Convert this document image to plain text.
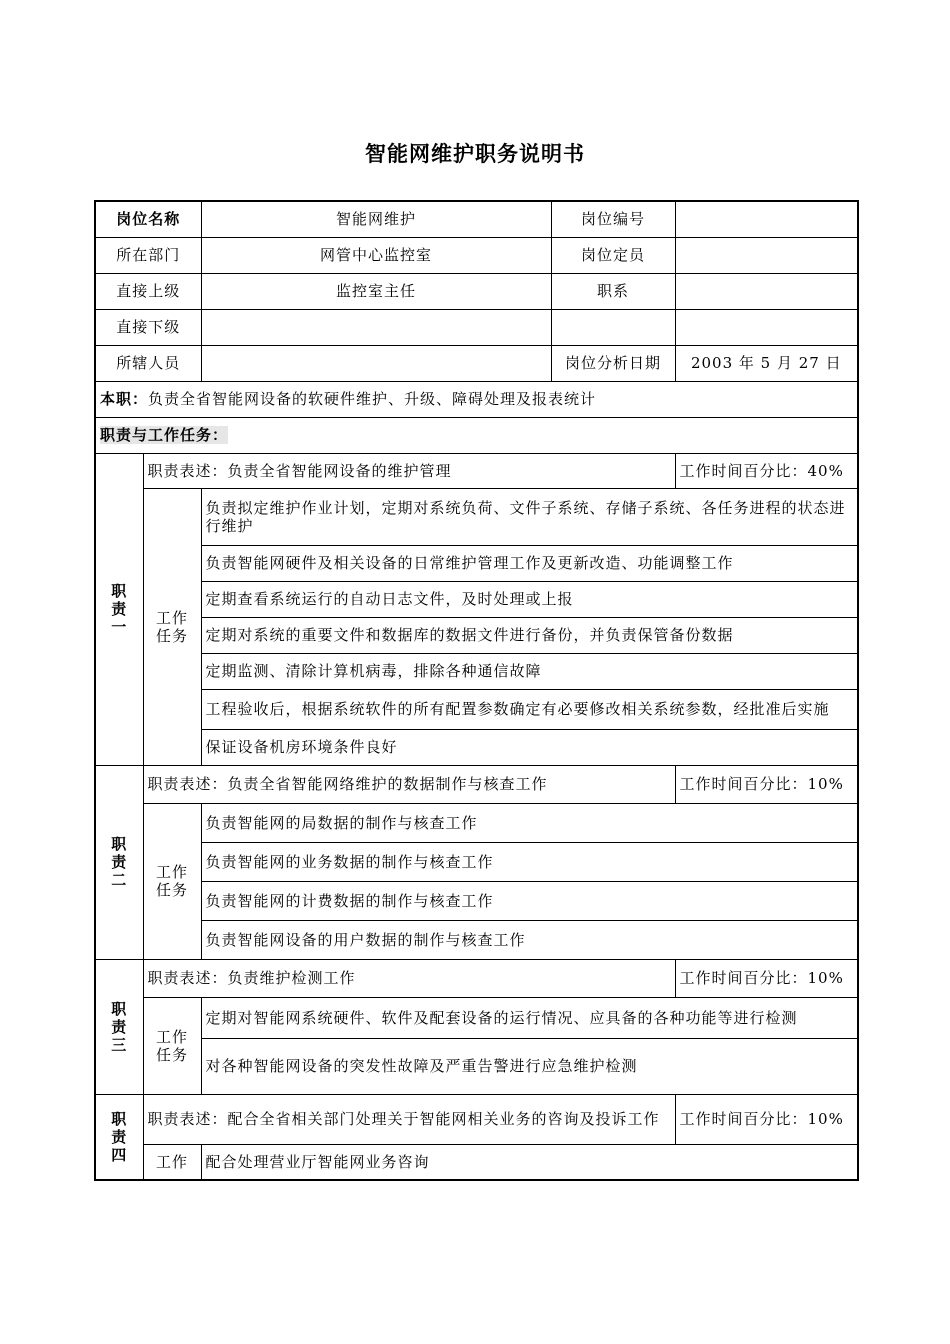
智能网维护职务说明书
岗位名称		智能网维护	岗位编号	
所在部门		网管中心监控室	岗位定员	
直接上级		监控室主任	职系	
直接下级				
所辖人员			岗位分析日期	2003 年 5 月 27 日
本职：负责全省智能网设备的软硬件维护、升级、障碍处理及报表统计				
职责与工作任务：				

职
责
一	职责表述：负责全省智能网设备的维护管理			工作时间百分比：40%

	工作
任务	负责拟定维护作业计划，定期对系统负荷、文件子系统、存储子系统、各任务进程的状态进行维护		
		负责智能网硬件及相关设备的日常维护管理工作及更新改造、功能调整工作		
		定期查看系统运行的自动日志文件，及时处理或上报		
		定期对系统的重要文件和数据库的数据文件进行备份，并负责保管备份数据		
		定期监测、清除计算机病毒，排除各种通信故障		
		工程验收后，根据系统软件的所有配置参数确定有必要修改相关系统参数，经批准后实施		
		保证设备机房环境条件良好		

职
责
二	职责表述：负责全省智能网络维护的数据制作与核查工作			工作时间百分比：10%

	工作
任务	负责智能网的局数据的制作与核查工作		
		负责智能网的业务数据的制作与核查工作		
		负责智能网的计费数据的制作与核查工作		
		负责智能网设备的用户数据的制作与核查工作		

职
责
三	职责表述：负责维护检测工作			工作时间百分比：10%

	工作
任务	定期对智能网系统硬件、软件及配套设备的运行情况、应具备的各种功能等进行检测		
		对各种智能网设备的突发性故障及严重告警进行应急维护检测		

职
责
四	职责表述：配合全省相关部门处理关于智能网相关业务的咨询及投诉工作			工作时间百分比：10%

	工作	配合处理营业厅智能网业务咨询		
